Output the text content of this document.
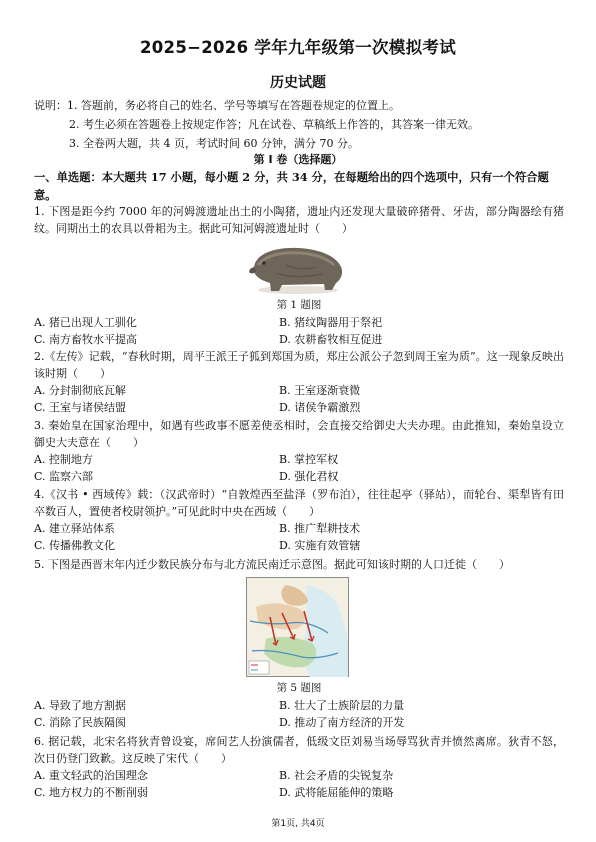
2025−2026 学年九年级第一次模拟考试
历史试题
说明：1. 答题前，务必将自己的姓名、学号等填写在答题卷规定的位置上。
2. 考生必须在答题卷上按规定作答；凡在试卷、草稿纸上作答的，其答案一律无效。
3. 全卷两大题，共 4 页，考试时间 60 分钟，满分 70 分。
第 I 卷（选择题）
一、单选题：本大题共 17 小题，每小题 2 分，共 34 分，在每题给出的四个选项中，只有一个符合题意。
1. 下图是距今约 7000 年的河姆渡遗址出土的小陶猪，遗址内还发现大量破碎猪骨、牙齿，部分陶器绘有猪纹。同期出土的农具以骨耜为主。据此可知河姆渡遗址时（　　）
第 1 题图
A. 猪已出现人工驯化	B. 猪纹陶器用于祭祀
C. 南方畜牧水平提高	D. 农耕畜牧相互促进
2.《左传》记载，“春秋时期，周平王派王子狐到郑国为质，郑庄公派公子忽到周王室为质”。这一现象反映出该时期（　　）
A. 分封制彻底瓦解	B. 王室逐渐衰微
C. 王室与诸侯结盟	D. 诸侯争霸激烈
3. 秦始皇在国家治理中，如遇有些政事不愿差使丞相时，会直接交给御史大夫办理。由此推知，秦始皇设立御史大夫意在（　　）
A. 控制地方	B. 掌控军权
C. 监察六部	D. 强化君权
4.《汉书 • 西域传》载：（汉武帝时）“自敦煌西至盐泽（罗布泊），往往起亭（驿站），而轮台、渠犁皆有田卒数百人，置使者校尉领护。”可见此时中央在西域（　　）
A. 建立驿站体系	B. 推广犁耕技术
C. 传播佛教文化	D. 实施有效管辖
5. 下图是西晋末年内迁少数民族分布与北方流民南迁示意图。据此可知该时期的人口迁徙（　　）
第 5 题图
A. 导致了地方割据	B. 壮大了士族阶层的力量
C. 消除了民族隔阂	D. 推动了南方经济的开发
6. 据记载，北宋名将狄青曾设宴，席间艺人扮演儒者，低级文臣刘易当场辱骂狄青并愤然离席。狄青不怒，次日仍登门致歉。这反映了宋代（　　）
A. 重文轻武的治国理念	B. 社会矛盾的尖锐复杂
C. 地方权力的不断削弱	D. 武将能屈能伸的策略
第1页, 共4页
